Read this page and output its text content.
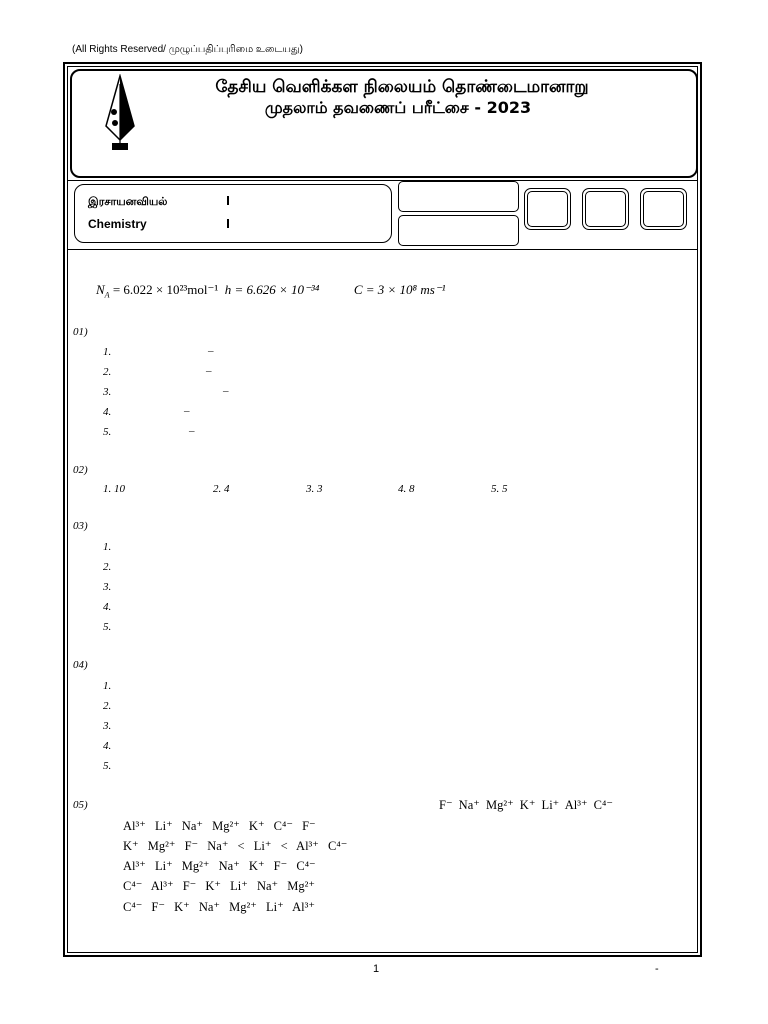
(All Rights Reserved/ முழுப்பதிப்புரிமை உடையது)
தேசிய வெளிக்கள நிலையம் தொண்டைமானாறு
முதலாம் தவணைப் பரீட்சை - 2023
இரசாயனவியல்
Chemistry
$N_A = 6.022 \times 10^{23}mol^{-1}$ h = 6.626 × 10⁻³⁴	C = 3 × 10⁸ ms⁻¹
01)
1.
2.
3.
4.
5.
–
–
–
–
–
02)
1. 10	2. 4	3. 3	4. 8	5. 5
03)
1.
2.
3.
4.
5.
04)
1.
2.
3.
4.
5.
05)	F⁻ Na⁺ Mg²⁺ K⁺ Li⁺ Al³⁺ C⁴⁻
Al³⁺ Li⁺ Na⁺ Mg²⁺ K⁺ C⁴⁻ F⁻
K⁺ Mg²⁺ F⁻ Na⁺ < Li⁺ < Al³⁺ C⁴⁻
Al³⁺ Li⁺ Mg²⁺ Na⁺ K⁺ F⁻ C⁴⁻
C⁴⁻ Al³⁺ F⁻ K⁺ Li⁺ Na⁺ Mg²⁺
C⁴⁻ F⁻ K⁺ Na⁺ Mg²⁺ Li⁺ Al³⁺
1	-
